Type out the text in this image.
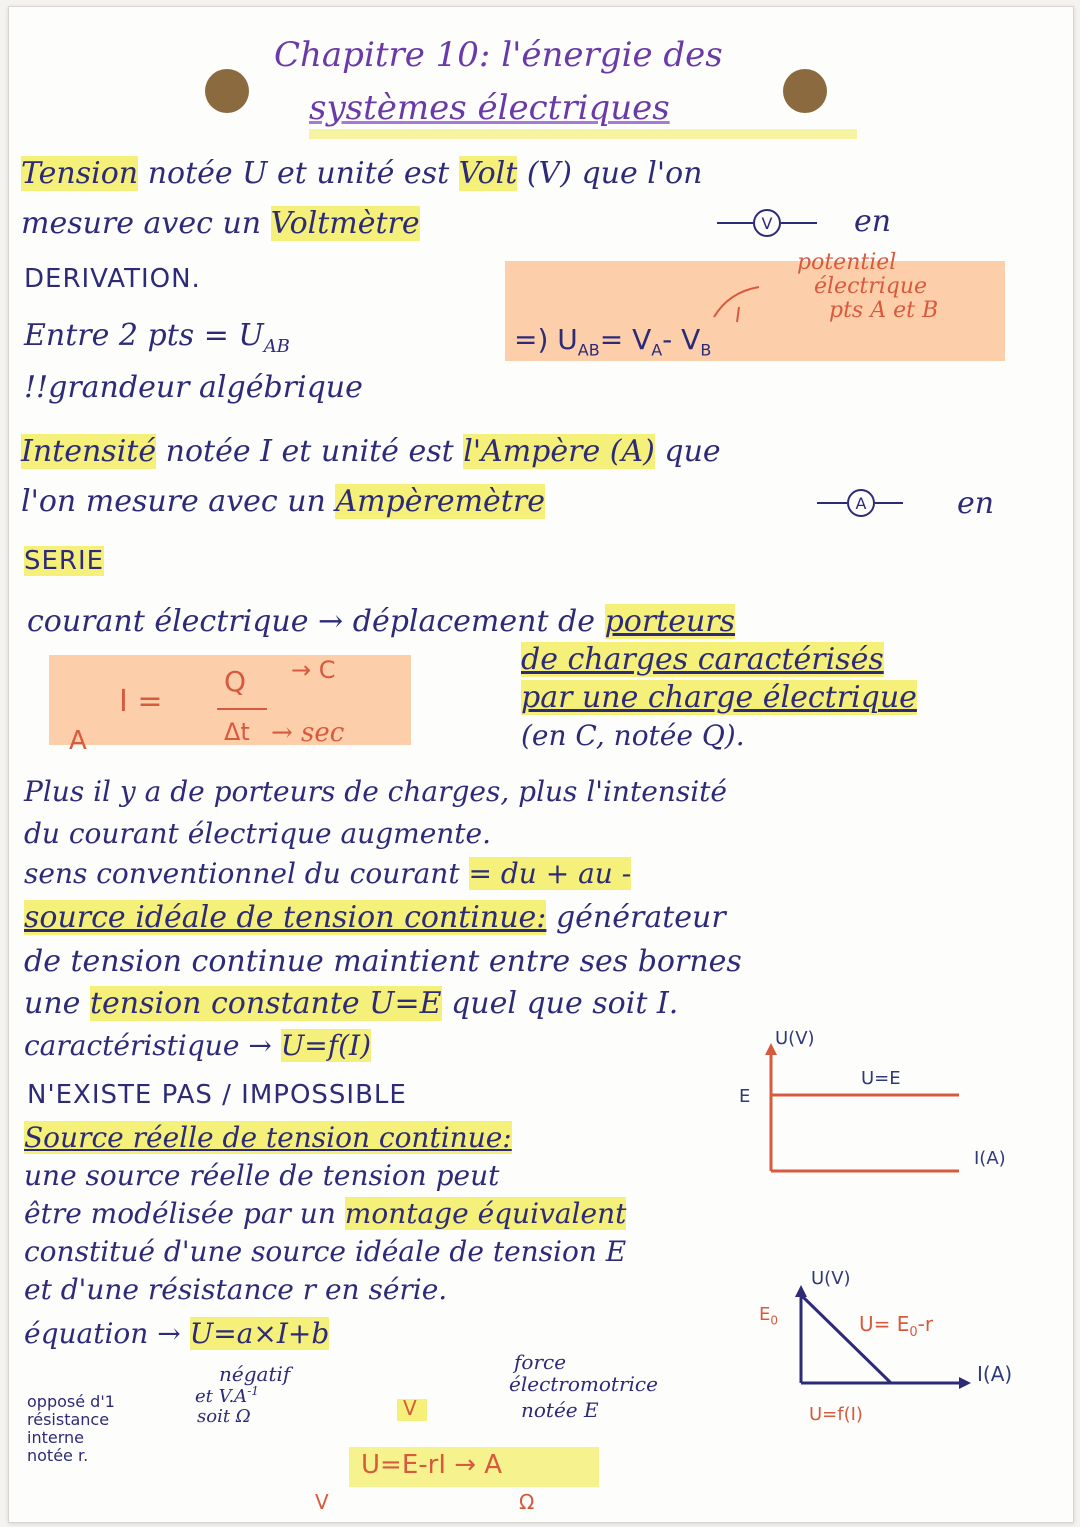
Chapitre 10: l'énergie des
systèmes électriques
Tension notée U et unité est Volt (V) que l'on
mesure avec un Voltmètre	V	en
DERIVATION.
potentiel
électrique
pts A et B
Entre 2 pts = $U_{AB}$	=) $U_{AB}= V_A-$ $V_B$
!!grandeur algébrique
Intensité notée I et unité est l'Ampère (A) que
l'on mesure avec un Ampèremètre	A	en
SERIE
courant électrique → déplacement de porteurs
de charges caractérisés
par une charge électrique
(en C, notée Q).
I =
Q → C
Δt → sec
A
Plus il y a de porteurs de charges, plus l'intensité
du courant électrique augmente.
sens conventionnel du courant = du + au -
source idéale de tension continue: générateur
de tension continue maintient entre ses bornes
une tension constante U=E quel que soit I.
caractéristique → U=f(I)
N'EXISTE PAS / IMPOSSIBLE
U(V)
E
U=E
I(A)
Source réelle de tension continue:
une source réelle de tension peut
être modélisée par un montage équivalent
constitué d'une source idéale de tension E
et d'une résistance r en série.
équation → U=a×I+b
négatif
et $V.A^{-1}$
soit Ω
opposé d'1
résistance
interne
notée r.
force
électromotrice
notée E
V
U=E-rI → A
V	Ω
U(V)
$E_0$	$U= E_0-r$
I(A)
U=f(I)
